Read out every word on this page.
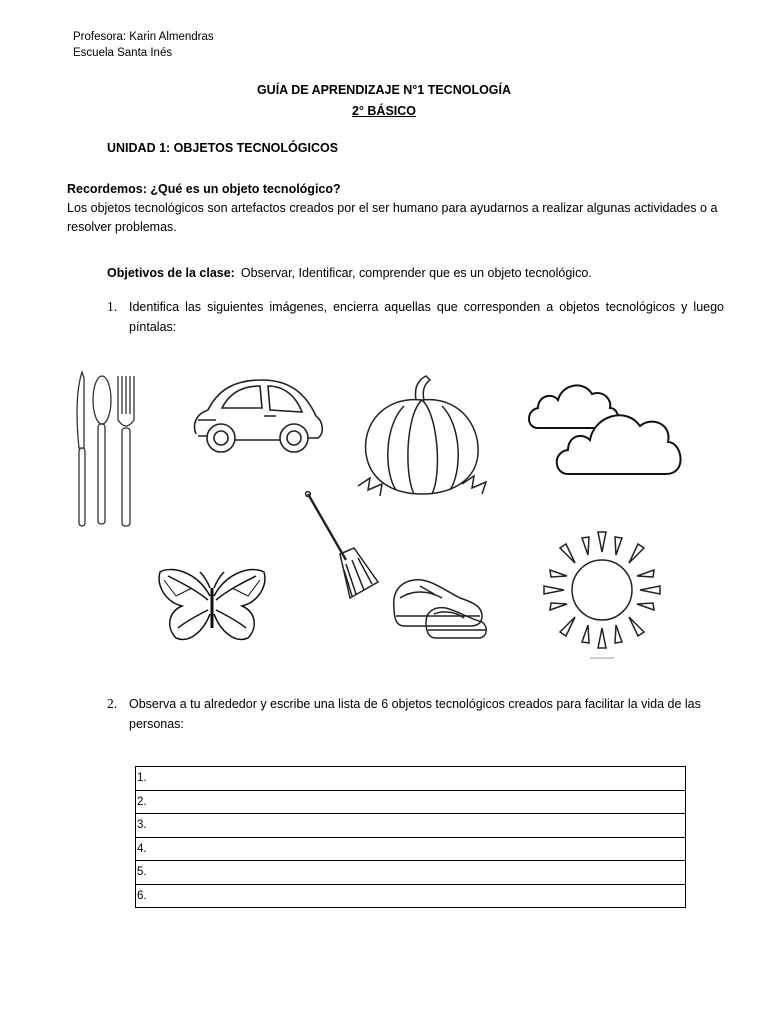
Profesora: Karin Almendras
Escuela Santa Inés
GUÍA DE APRENDIZAJE N°1 TECNOLOGÍA
2° BÁSICO
UNIDAD 1: OBJETOS TECNOLÓGICOS
Recordemos: ¿Qué es un objeto tecnológico?
Los objetos tecnológicos son artefactos creados por el ser humano para ayudarnos a realizar algunas actividades o a resolver problemas.
Objetivos de la clase: Observar, Identificar, comprender que es un objeto tecnológico.
1. Identifica las siguientes imágenes, encierra aquellas que corresponden a objetos tecnológicos y luego píntalas:
2. Observa a tu alrededor y escribe una lista de 6 objetos tecnológicos creados para facilitar la vida de las personas:
1.
2.
3.
4.
5.
6.
